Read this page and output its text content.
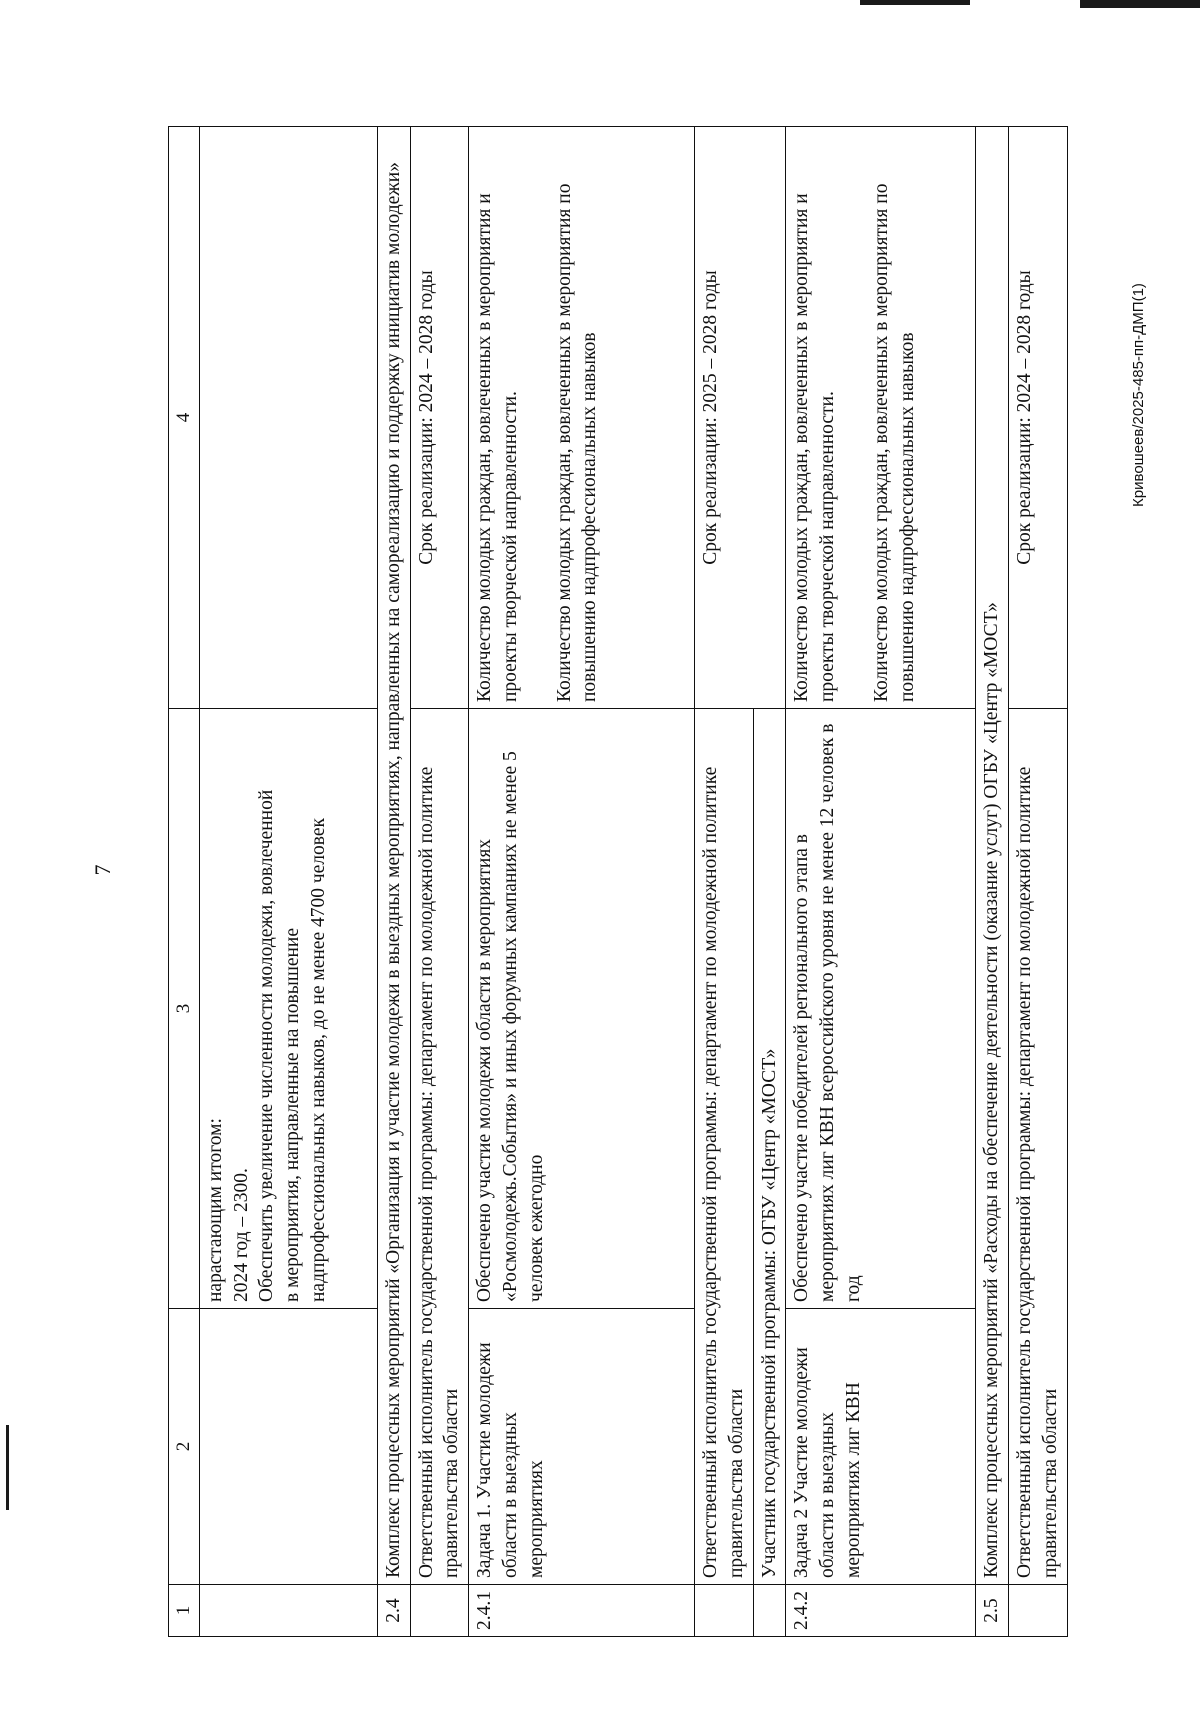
7
Кривошеев/2025-485-пп-ДМП(1)
1	2	3	4

		нарастающим итогом: 2024 год – 2300. Обеспечить увеличение численности молодежи, вовлеченной в мероприятия, направленные на повышение надпрофессиональных навыков, до не менее 4700 человек	

2.4	Комплекс процессных мероприятий «Организация и участие молодежи в выездных мероприятиях, направленных на самореализацию и поддержку инициатив молодежи»		
	Ответственный исполнитель государственной программы: департамент по молодежной политике правительства области		Срок реализации: 2024 – 2028 годы
2.4.1	Задача 1. Участие молодежи области в выездных мероприятиях	Обеспечено участие молодежи области в мероприятиях «Росмолодежь.События» и иных форумных кампаниях не менее 5 человек ежегодно	Количество молодых граждан, вовлеченных в мероприятия и проекты творческой направленности. Количество молодых граждан, вовлеченных в мероприятия по повышению надпрофессиональных навыков

	Ответственный исполнитель государственной программы: департамент по молодежной политике правительства области		Срок реализации: 2025 – 2028 годы
	Участник государственной программы: ОГБУ «Центр «МОСТ»		
2.4.2	Задача 2 Участие молодежи области в выездных мероприятиях лиг КВН	Обеспечено участие победителей регионального этапа в мероприятиях лиг КВН всероссийского уровня не менее 12 человек в год	Количество молодых граждан, вовлеченных в мероприятия и проекты творческой направленности. Количество молодых граждан, вовлеченных в мероприятия по повышению надпрофессиональных навыков

2.5	Комплекс процессных мероприятий «Расходы на обеспечение деятельности (оказание услуг) ОГБУ «Центр «МОСТ»		
	Ответственный исполнитель государственной программы: департамент по молодежной политике правительства области		Срок реализации: 2024 – 2028 годы
